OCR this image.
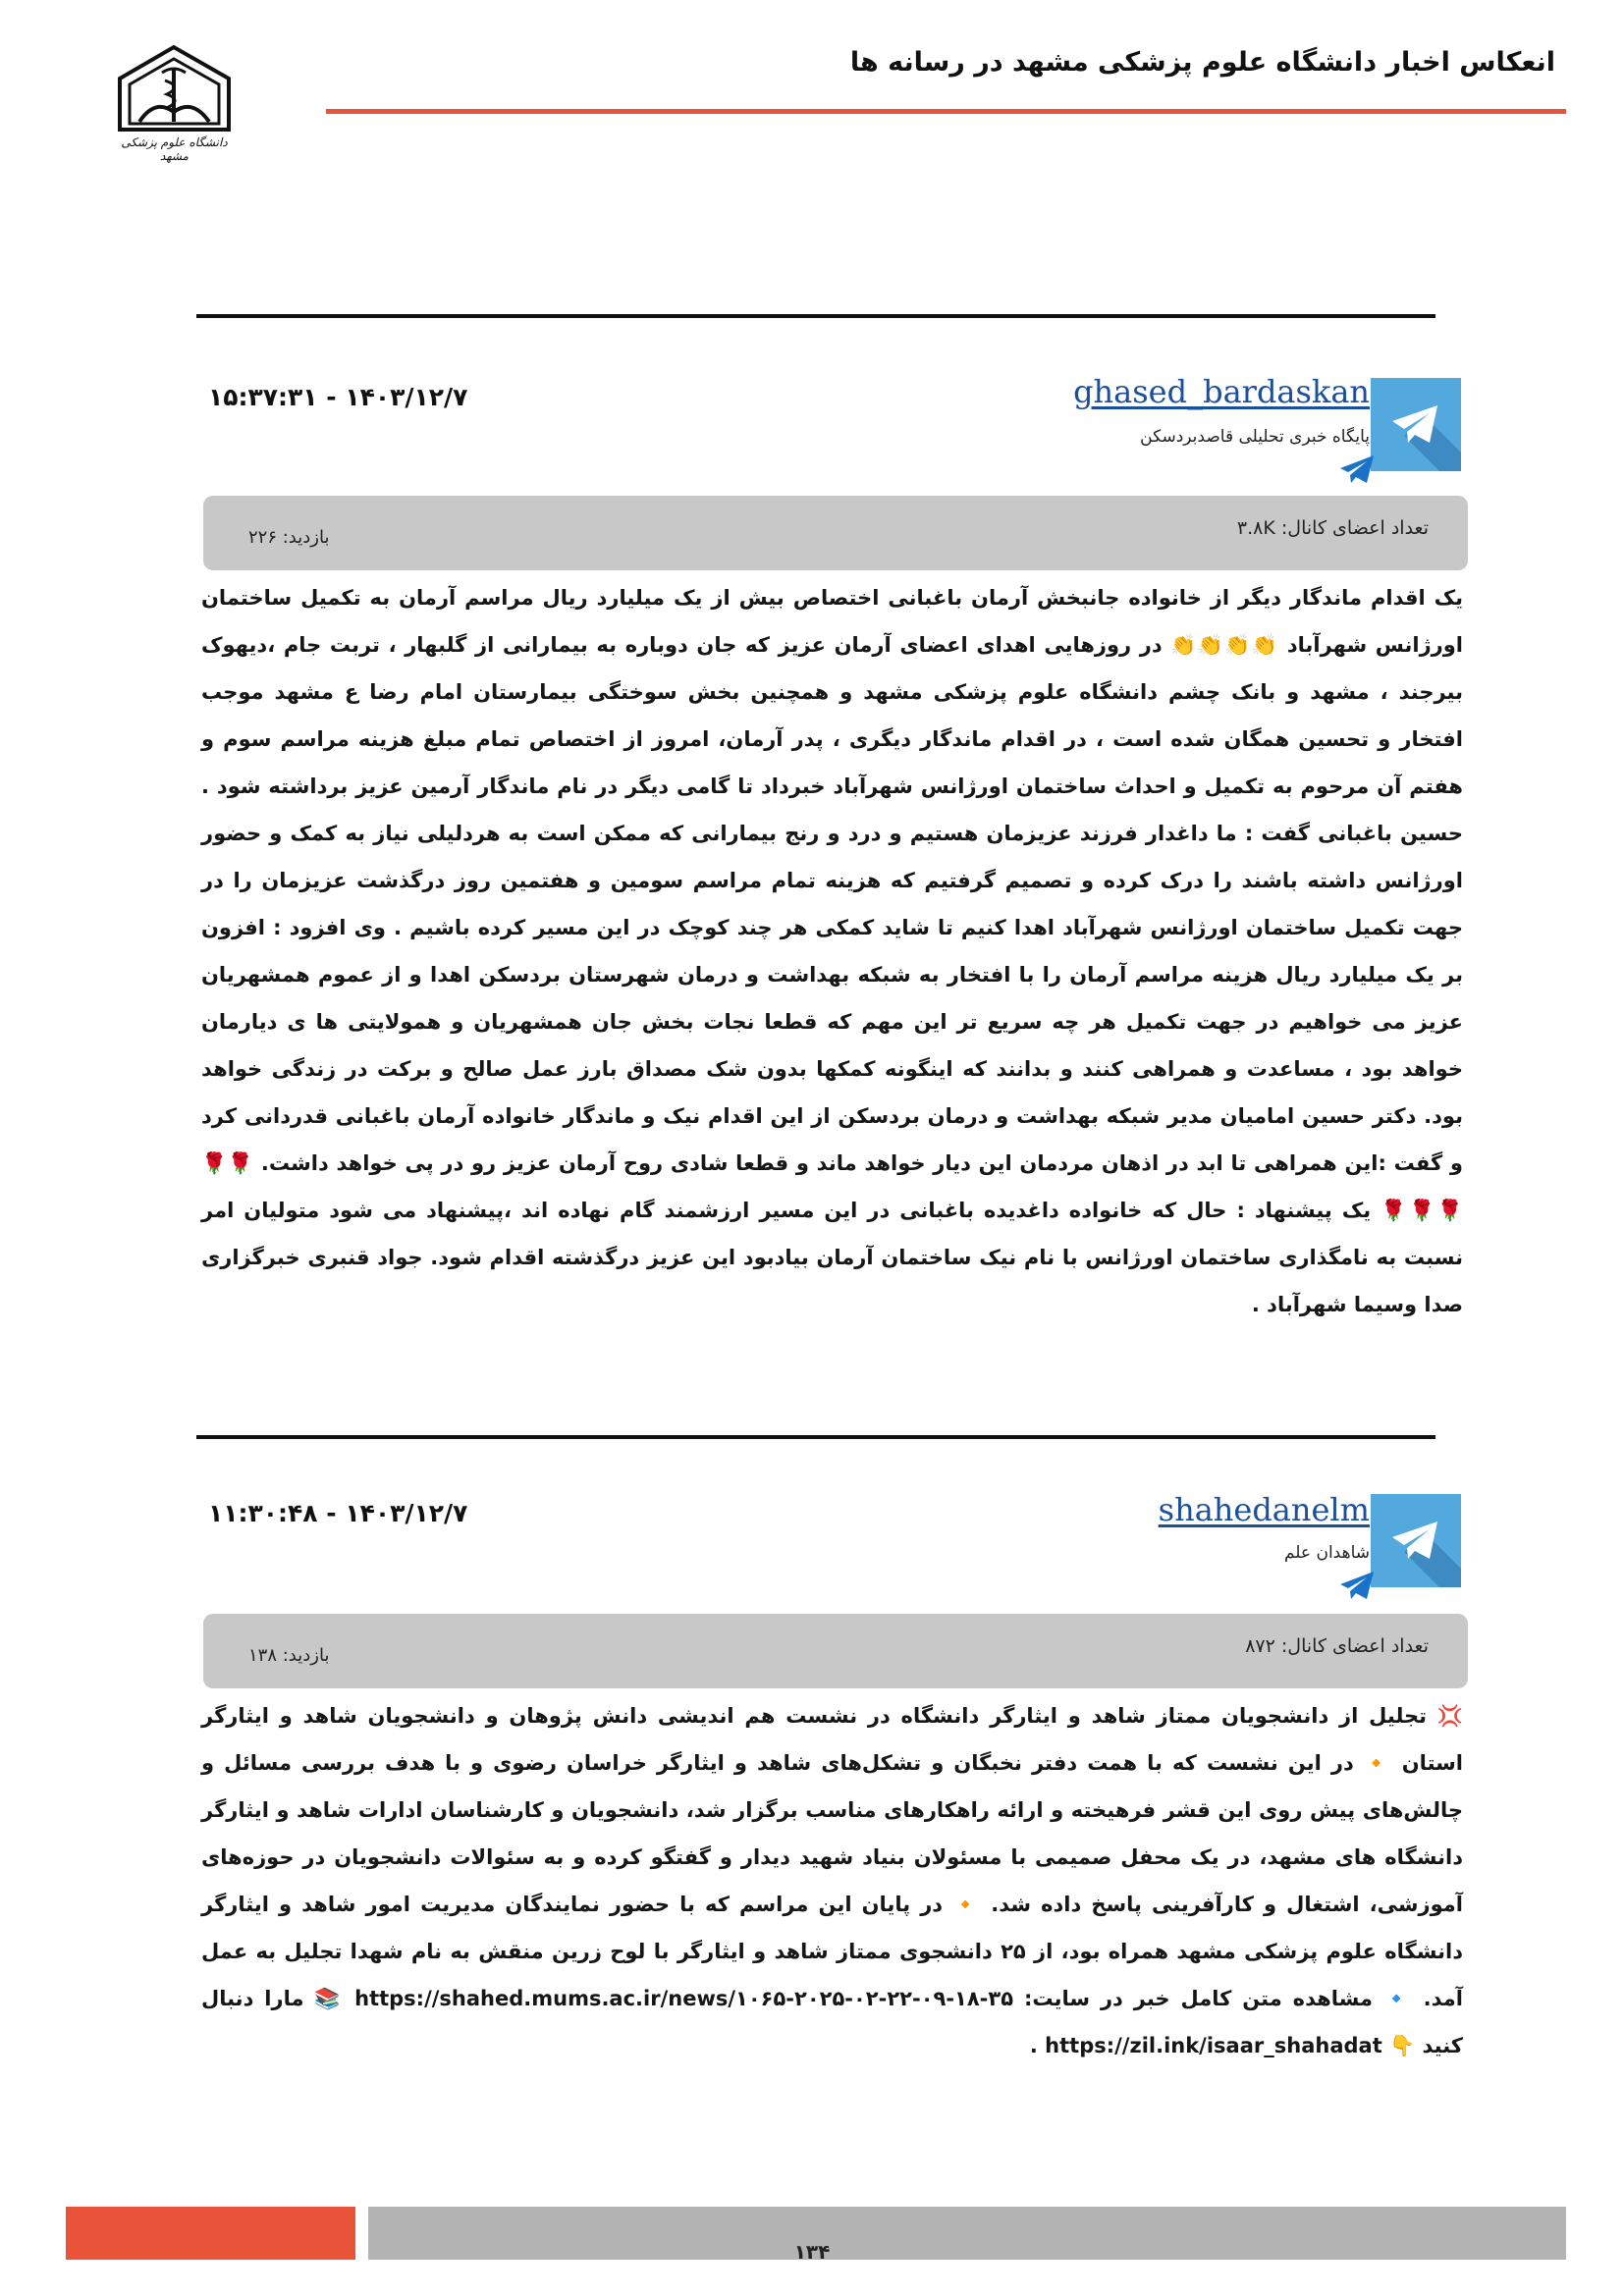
انعکاس اخبار دانشگاه علوم پزشکی مشهد در رسانه ها
دانشگاه علوم پزشکی مشهد
ghased_bardaskan
پایگاه خبری تحلیلی قاصدبردسکن
۱۵:۳۷:۳۱ - ۱۴۰۳/۱۲/۷
تعداد اعضای کانال: ۳.۸K
بازدید: ۲۲۶
یک اقدام ماندگار دیگر از خانواده جانبخش آرمان باغبانی اختصاص بیش از یک میلیارد ریال مراسم آرمان به تکمیل ساختمان اورژانس شهرآباد 👏👏👏👏 در روزهایی اهدای اعضای آرمان عزیز که جان دوباره به بیمارانی از گلبهار ، تربت جام ،دیهوک بیرجند ، مشهد و بانک چشم دانشگاه علوم پزشکی مشهد و همچنین بخش سوختگی بیمارستان امام رضا ع مشهد موجب افتخار و تحسین همگان شده است ، در اقدام ماندگار دیگری ، پدر آرمان، امروز از اختصاص تمام مبلغ هزینه مراسم سوم و هفتم آن مرحوم به تکمیل و احداث ساختمان اورژانس شهرآباد خبرداد تا گامی دیگر در نام ماندگار آرمین عزیز برداشته شود . حسین باغبانی گفت : ما داغدار فرزند عزیزمان هستیم و درد و رنج بیمارانی که ممکن است به هردلیلی نیاز به کمک و حضور اورژانس داشته باشند را درک کرده و تصمیم گرفتیم که هزینه تمام مراسم سومین و هفتمین روز درگذشت عزیزمان را در جهت تکمیل ساختمان اورژانس شهرآباد اهدا کنیم تا شاید کمکی هر چند کوچک در این مسیر کرده باشیم . وی افزود : افزون بر یک میلیارد ریال هزینه مراسم آرمان را با افتخار به شبکه بهداشت و درمان شهرستان بردسکن اهدا و از عموم همشهریان عزیز می خواهیم در جهت تکمیل هر چه سریع تر این مهم که قطعا نجات بخش جان همشهریان و همولایتی ها ی دیارمان خواهد بود ، مساعدت و همراهی کنند و بدانند که اینگونه کمکها بدون شک مصداق بارز عمل صالح و برکت در زندگی خواهد بود. دکتر حسین امامیان مدیر شبکه بهداشت و درمان بردسکن از این اقدام نیک و ماندگار خانواده آرمان باغبانی قدردانی کرد و گفت :این همراهی تا ابد در اذهان مردمان این دیار خواهد ماند و قطعا شادی روح آرمان عزیز رو در پی خواهد داشت. 🌹🌹🌹🌹🌹 یک پیشنهاد : حال که خانواده داغدیده باغبانی در این مسیر ارزشمند گام نهاده اند ،پیشنهاد می شود متولیان امر نسبت به نامگذاری ساختمان اورژانس با نام نیک ساختمان آرمان بیادبود این عزیز درگذشته اقدام شود. جواد قنبری خبرگزاری صدا وسیما شهرآباد .
shahedanelm
شاهدان علم
۱۱:۳۰:۴۸ - ۱۴۰۳/۱۲/۷
تعداد اعضای کانال: ۸۷۲
بازدید: ۱۳۸
💢 تجلیل از دانشجویان ممتاز شاهد و ایثارگر دانشگاه در نشست هم اندیشی دانش پژوهان و دانشجویان شاهد و ایثارگر استان 🔸 در این نشست که با همت دفتر نخبگان و تشکل‌های شاهد و ایثارگر خراسان رضوی و با هدف بررسی مسائل و چالش‌های پیش روی این قشر فرهیخته و ارائه راهکارهای مناسب برگزار شد، دانشجویان و کارشناسان ادارات شاهد و ایثارگر دانشگاه های مشهد، در یک محفل صمیمی با مسئولان بنیاد شهید دیدار و گفتگو کرده و به سئوالات دانشجویان در حوزه‌های آموزشی، اشتغال و کارآفرینی پاسخ داده شد. 🔸 در پایان این مراسم که با حضور نمایندگان مدیریت امور شاهد و ایثارگر دانشگاه علوم پزشکی مشهد همراه بود، از ۲۵ دانشجوی ممتاز شاهد و ایثارگر با لوح زرین منقش به نام شهدا تجلیل به عمل آمد. 🔹 مشاهده متن کامل خبر در سایت: https://shahed.mums.ac.ir/news/۱۰۶۵-۲۰۲۵-۰۲-۲۲-۰۹-۱۸-۳۵ 📚 مارا دنبال کنید 👇 https://zil.ink/isaar_shahadat .
۱۳۴
